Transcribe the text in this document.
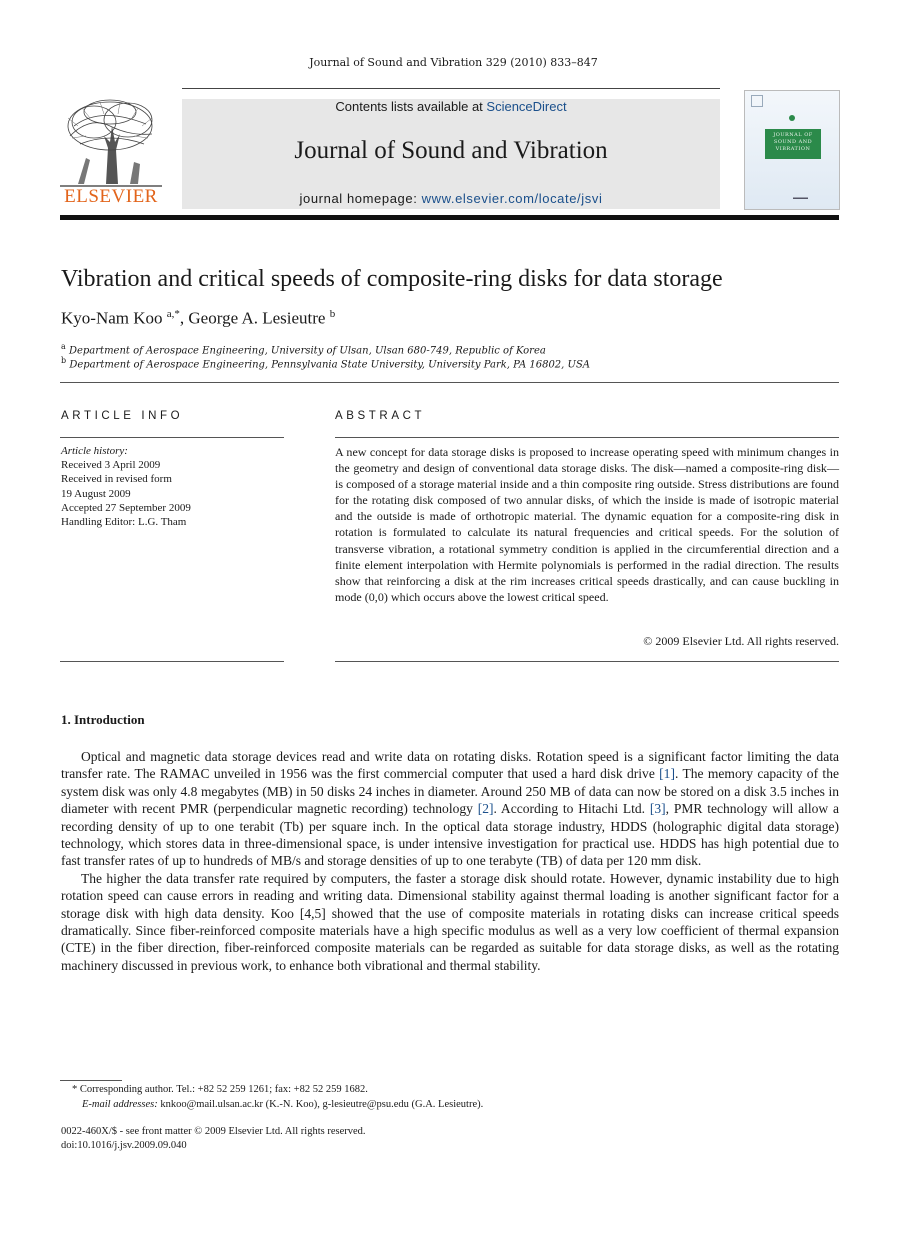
Journal of Sound and Vibration 329 (2010) 833–847
ELSEVIER
Contents lists available at ScienceDirect
Journal of Sound and Vibration
journal homepage: www.elsevier.com/locate/jsvi
JOURNAL OF SOUND AND VIBRATION
▬▬▬
Vibration and critical speeds of composite-ring disks for data storage
Kyo-Nam Koo $^{a,*}$, George A. Lesieutre $^b$
$^a$ Department of Aerospace Engineering, University of Ulsan, Ulsan 680-749, Republic of Korea
$^b$ Department of Aerospace Engineering, Pennsylvania State University, University Park, PA 16802, USA
ARTICLE INFO	ABSTRACT
Article history:
Received 3 April 2009
Received in revised form
19 August 2009
Accepted 27 September 2009
Handling Editor: L.G. Tham
A new concept for data storage disks is proposed to increase operating speed with minimum changes in the geometry and design of conventional data storage disks. The disk—named a composite-ring disk—is composed of a storage material inside and a thin composite ring outside. Stress distributions are found for the rotating disk composed of two annular disks, of which the inside is made of isotropic material and the outside is made of orthotropic material. The dynamic equation for a composite-ring disk in rotation is formulated to calculate its natural frequencies and critical speeds. For the solution of transverse vibration, a rotational symmetry condition is applied in the circumferential direction and a finite element interpolation with Hermite polynomials is performed in the radial direction. The results show that reinforcing a disk at the rim increases critical speeds drastically, and can cause buckling in mode (0,0) which occurs above the lowest critical speed.
© 2009 Elsevier Ltd. All rights reserved.
1. Introduction

Optical and magnetic data storage devices read and write data on rotating disks. Rotation speed is a significant factor limiting the data transfer rate. The RAMAC unveiled in 1956 was the first commercial computer that used a hard disk drive [1]. The memory capacity of the system disk was only 4.8 megabytes (MB) in 50 disks 24 inches in diameter. Around 250 MB of data can now be stored on a disk 3.5 inches in diameter with recent PMR (perpendicular magnetic recording) technology [2]. According to Hitachi Ltd. [3], PMR technology will allow a recording density of up to one terabit (Tb) per square inch. In the optical data storage industry, HDDS (holographic digital data storage) technology, which stores data in three-dimensional space, is under intensive investigation for practical use. HDDS has high potential due to fast transfer rates of up to hundreds of MB/s and storage densities of up to one terabyte (TB) of data per 120 mm disk.

The higher the data transfer rate required by computers, the faster a storage disk should rotate. However, dynamic instability due to high rotation speed can cause errors in reading and writing data. Dimensional stability against thermal loading is another significant factor for a storage disk with high data density. Koo [4,5] showed that the use of composite materials in rotating disks can increase critical speeds dramatically. Since fiber-reinforced composite materials have a high specific modulus as well as a very low coefficient of thermal expansion (CTE) in the fiber direction, fiber-reinforced composite materials can be regarded as suitable for data storage disks, as well as the rotating machinery discussed in previous work, to enhance both vibrational and thermal stability.

* Corresponding author. Tel.: +82 52 259 1261; fax: +82 52 259 1682.
E-mail addresses: knkoo@mail.ulsan.ac.kr (K.-N. Koo), g-lesieutre@psu.edu (G.A. Lesieutre).
0022-460X/$ - see front matter © 2009 Elsevier Ltd. All rights reserved.
doi:10.1016/j.jsv.2009.09.040
